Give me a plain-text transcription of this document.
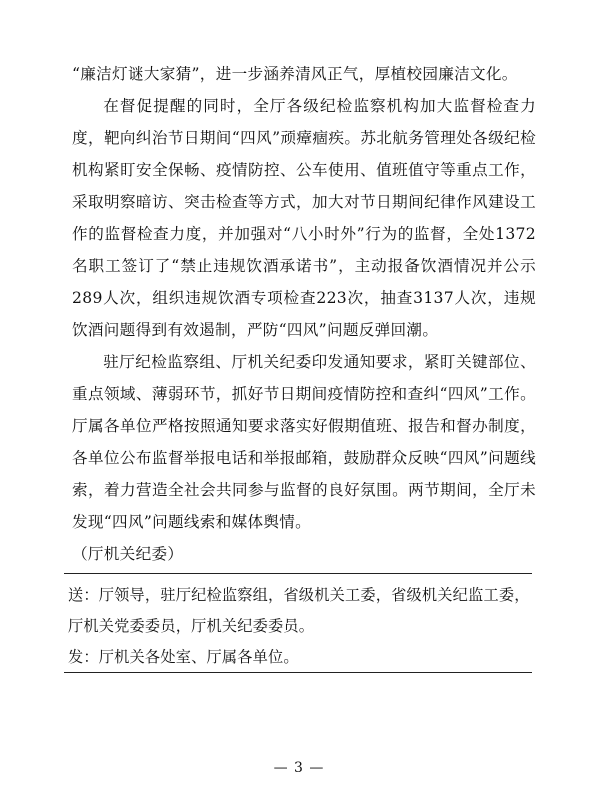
“廉洁灯谜大家猜”，进一步涵养清风正气，厚植校园廉洁文化。

在督促提醒的同时，全厅各级纪检监察机构加大监督检查力度，靶向纠治节日期间“四风”顽瘴痼疾。苏北航务管理处各级纪检机构紧盯安全保畅、疫情防控、公车使用、值班值守等重点工作，采取明察暗访、突击检查等方式，加大对节日期间纪律作风建设工作的监督检查力度，并加强对“八小时外”行为的监督，全处1372名职工签订了“禁止违规饮酒承诺书”，主动报备饮酒情况并公示289人次，组织违规饮酒专项检查223次，抽查3137人次，违规饮酒问题得到有效遏制，严防“四风”问题反弹回潮。

驻厅纪检监察组、厅机关纪委印发通知要求，紧盯关键部位、重点领域、薄弱环节，抓好节日期间疫情防控和查纠“四风”工作。厅属各单位严格按照通知要求落实好假期值班、报告和督办制度，各单位公布监督举报电话和举报邮箱，鼓励群众反映“四风”问题线索，着力营造全社会共同参与监督的良好氛围。两节期间，全厅未发现“四风”问题线索和媒体舆情。

（厅机关纪委）

送：厅领导，驻厅纪检监察组，省级机关工委，省级机关纪监工委，

厅机关党委委员，厅机关纪委委员。

发：厅机关各处室、厅属各单位。

— 3 —
